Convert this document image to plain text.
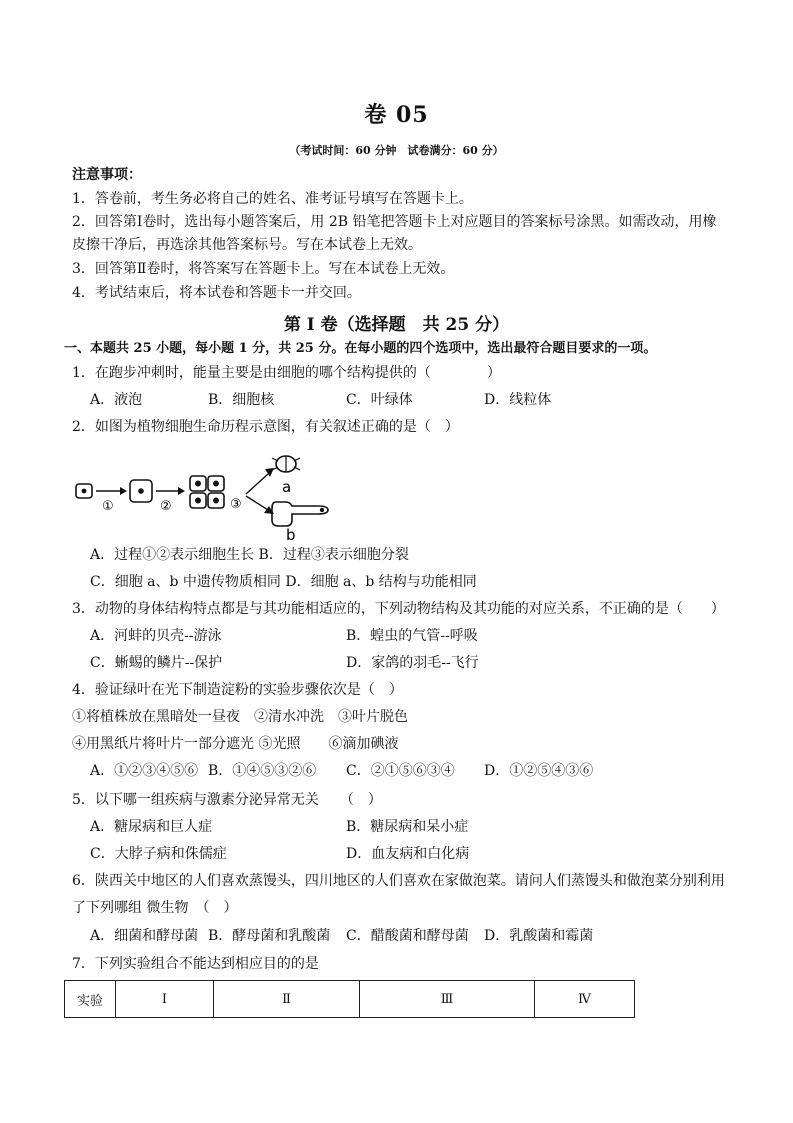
卷 05
（考试时间：60 分钟　试卷满分：60 分）
注意事项：
1．答卷前，考生务必将自己的姓名、准考证号填写在答题卡上。
2．回答第Ⅰ卷时，选出每小题答案后，用 2B 铅笔把答题卡上对应题目的答案标号涂黑。如需改动，用橡
皮擦干净后，再选涂其他答案标号。写在本试卷上无效。
3．回答第Ⅱ卷时，将答案写在答题卡上。写在本试卷上无效。
4．考试结束后，将本试卷和答题卡一并交回。
第 I 卷（选择题　共 25 分）
一、本题共 25 小题，每小题 1 分，共 25 分。在每小题的四个选项中，选出最符合题目要求的一项。
1．在跑步冲刺时，能量主要是由细胞的哪个结构提供的（　　　　）
A．液泡	B．细胞核	C．叶绿体	D．线粒体
2．如图为植物细胞生命历程示意图，有关叙述正确的是（　）
①	②	③
a
b
A．过程①②表示细胞生长 B．过程③表示细胞分裂
C．细胞 a、b 中遗传物质相同 D．细胞 a、b 结构与功能相同
3．动物的身体结构特点都是与其功能相适应的，下列动物结构及其功能的对应关系，不正确的是（　　）
A．河蚌的贝壳--游泳	B．蝗虫的气管--呼吸
C．蜥蜴的鳞片--保护	D．家鸽的羽毛--飞行
4．验证绿叶在光下制造淀粉的实验步骤依次是（　）
①将植株放在黑暗处一昼夜　②清水冲洗　③叶片脱色
④用黑纸片将叶片一部分遮光 ⑤光照　　⑥滴加碘液
A．①②③④⑤⑥ B．①④⑤③②⑥ C．②①⑤⑥③④ D．①②⑤④③⑥
5．以下哪一组疾病与激素分泌异常无关　　（　）
A．糖尿病和巨人症	B．糖尿病和呆小症
C．大脖子病和侏儒症	D．血友病和白化病
6．陕西关中地区的人们喜欢蒸馒头，四川地区的人们喜欢在家做泡菜。请问人们蒸馒头和做泡菜分别利用
了下列哪组 微生物　（　）
A．细菌和酵母菌 B．酵母菌和乳酸菌 C．醋酸菌和酵母菌 D．乳酸菌和霉菌
7．下列实验组合不能达到相应目的的是
实验	Ⅰ	Ⅱ	Ⅲ	Ⅳ
